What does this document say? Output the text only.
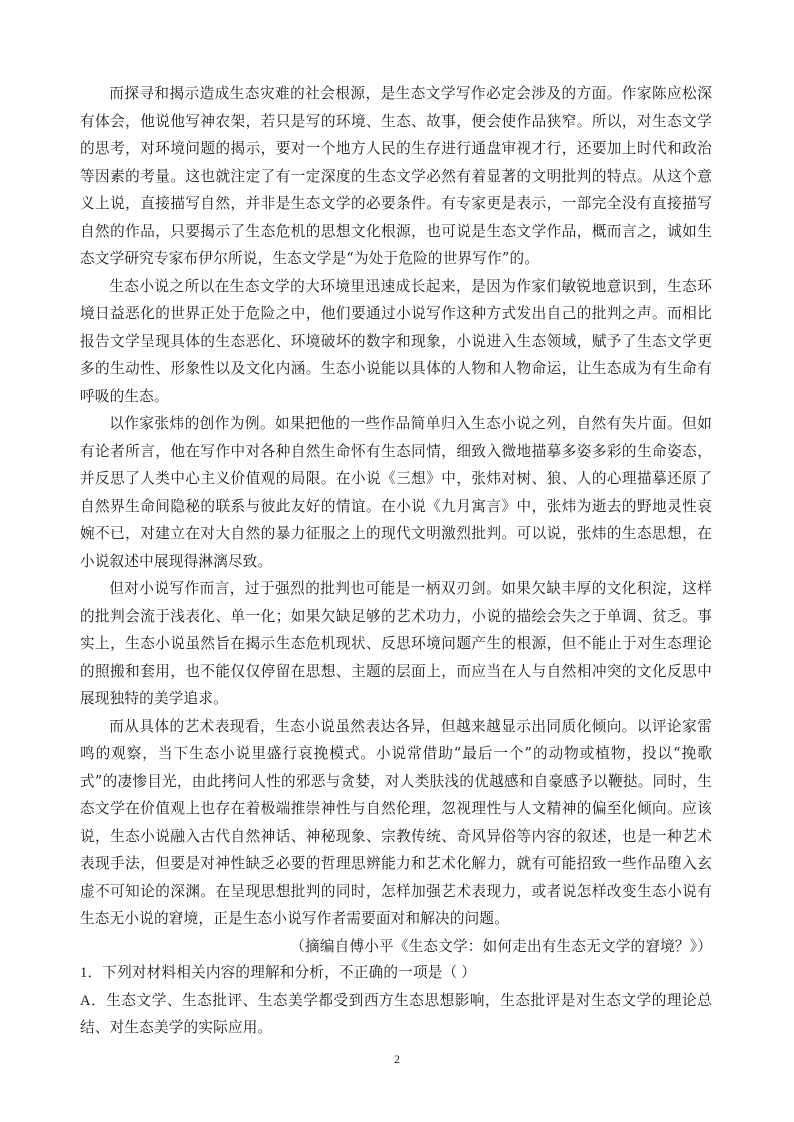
而探寻和揭示造成生态灾难的社会根源，是生态文学写作必定会涉及的方面。作家陈应松深有体会，他说他写神农架，若只是写的环境、生态、故事，便会使作品狭窄。所以，对生态文学的思考，对环境问题的揭示，要对一个地方人民的生存进行通盘审视才行，还要加上时代和政治等因素的考量。这也就注定了有一定深度的生态文学必然有着显著的文明批判的特点。从这个意义上说，直接描写自然，并非是生态文学的必要条件。有专家更是表示，一部完全没有直接描写自然的作品，只要揭示了生态危机的思想文化根源，也可说是生态文学作品，概而言之，诚如生态文学研究专家布伊尔所说，生态文学是“为处于危险的世界写作”的。

生态小说之所以在生态文学的大环境里迅速成长起来，是因为作家们敏锐地意识到，生态环境日益恶化的世界正处于危险之中，他们要通过小说写作这种方式发出自己的批判之声。而相比报告文学呈现具体的生态恶化、环境破坏的数字和现象，小说进入生态领域，赋予了生态文学更多的生动性、形象性以及文化内涵。生态小说能以具体的人物和人物命运，让生态成为有生命有呼吸的生态。

以作家张炜的创作为例。如果把他的一些作品简单归入生态小说之列，自然有失片面。但如有论者所言，他在写作中对各种自然生命怀有生态同情，细致入微地描摹多姿多彩的生命姿态，并反思了人类中心主义价值观的局限。在小说《三想》中，张炜对树、狼、人的心理描摹还原了自然界生命间隐秘的联系与彼此友好的情谊。在小说《九月寓言》中，张炜为逝去的野地灵性哀婉不已，对建立在对大自然的暴力征服之上的现代文明激烈批判。可以说，张炜的生态思想，在小说叙述中展现得淋漓尽致。

但对小说写作而言，过于强烈的批判也可能是一柄双刃剑。如果欠缺丰厚的文化积淀，这样的批判会流于浅表化、单一化；如果欠缺足够的艺术功力，小说的描绘会失之于单调、贫乏。事实上，生态小说虽然旨在揭示生态危机现状、反思环境问题产生的根源，但不能止于对生态理论的照搬和套用，也不能仅仅停留在思想、主题的层面上，而应当在人与自然相冲突的文化反思中展现独特的美学追求。

而从具体的艺术表现看，生态小说虽然表达各异，但越来越显示出同质化倾向。以评论家雷鸣的观察，当下生态小说里盛行哀挽模式。小说常借助“最后一个”的动物或植物，投以“挽歌式”的凄惨目光，由此拷问人性的邪恶与贪婪，对人类肤浅的优越感和自豪感予以鞭挞。同时，生态文学在价值观上也存在着极端推崇神性与自然伦理，忽视理性与人文精神的偏至化倾向。应该说，生态小说融入古代自然神话、神秘现象、宗教传统、奇风异俗等内容的叙述，也是一种艺术表现手法，但要是对神性缺乏必要的哲理思辨能力和艺术化解力，就有可能招致一些作品堕入玄虚不可知论的深渊。在呈现思想批判的同时，怎样加强艺术表现力，或者说怎样改变生态小说有生态无小说的窘境，正是生态小说写作者需要面对和解决的问题。

（摘编自傅小平《生态文学：如何走出有生态无文学的窘境？》）

1．下列对材料相关内容的理解和分析，不正确的一项是（ ）

A．生态文学、生态批评、生态美学都受到西方生态思想影响，生态批评是对生态文学的理论总结、对生态美学的实际应用。

2
